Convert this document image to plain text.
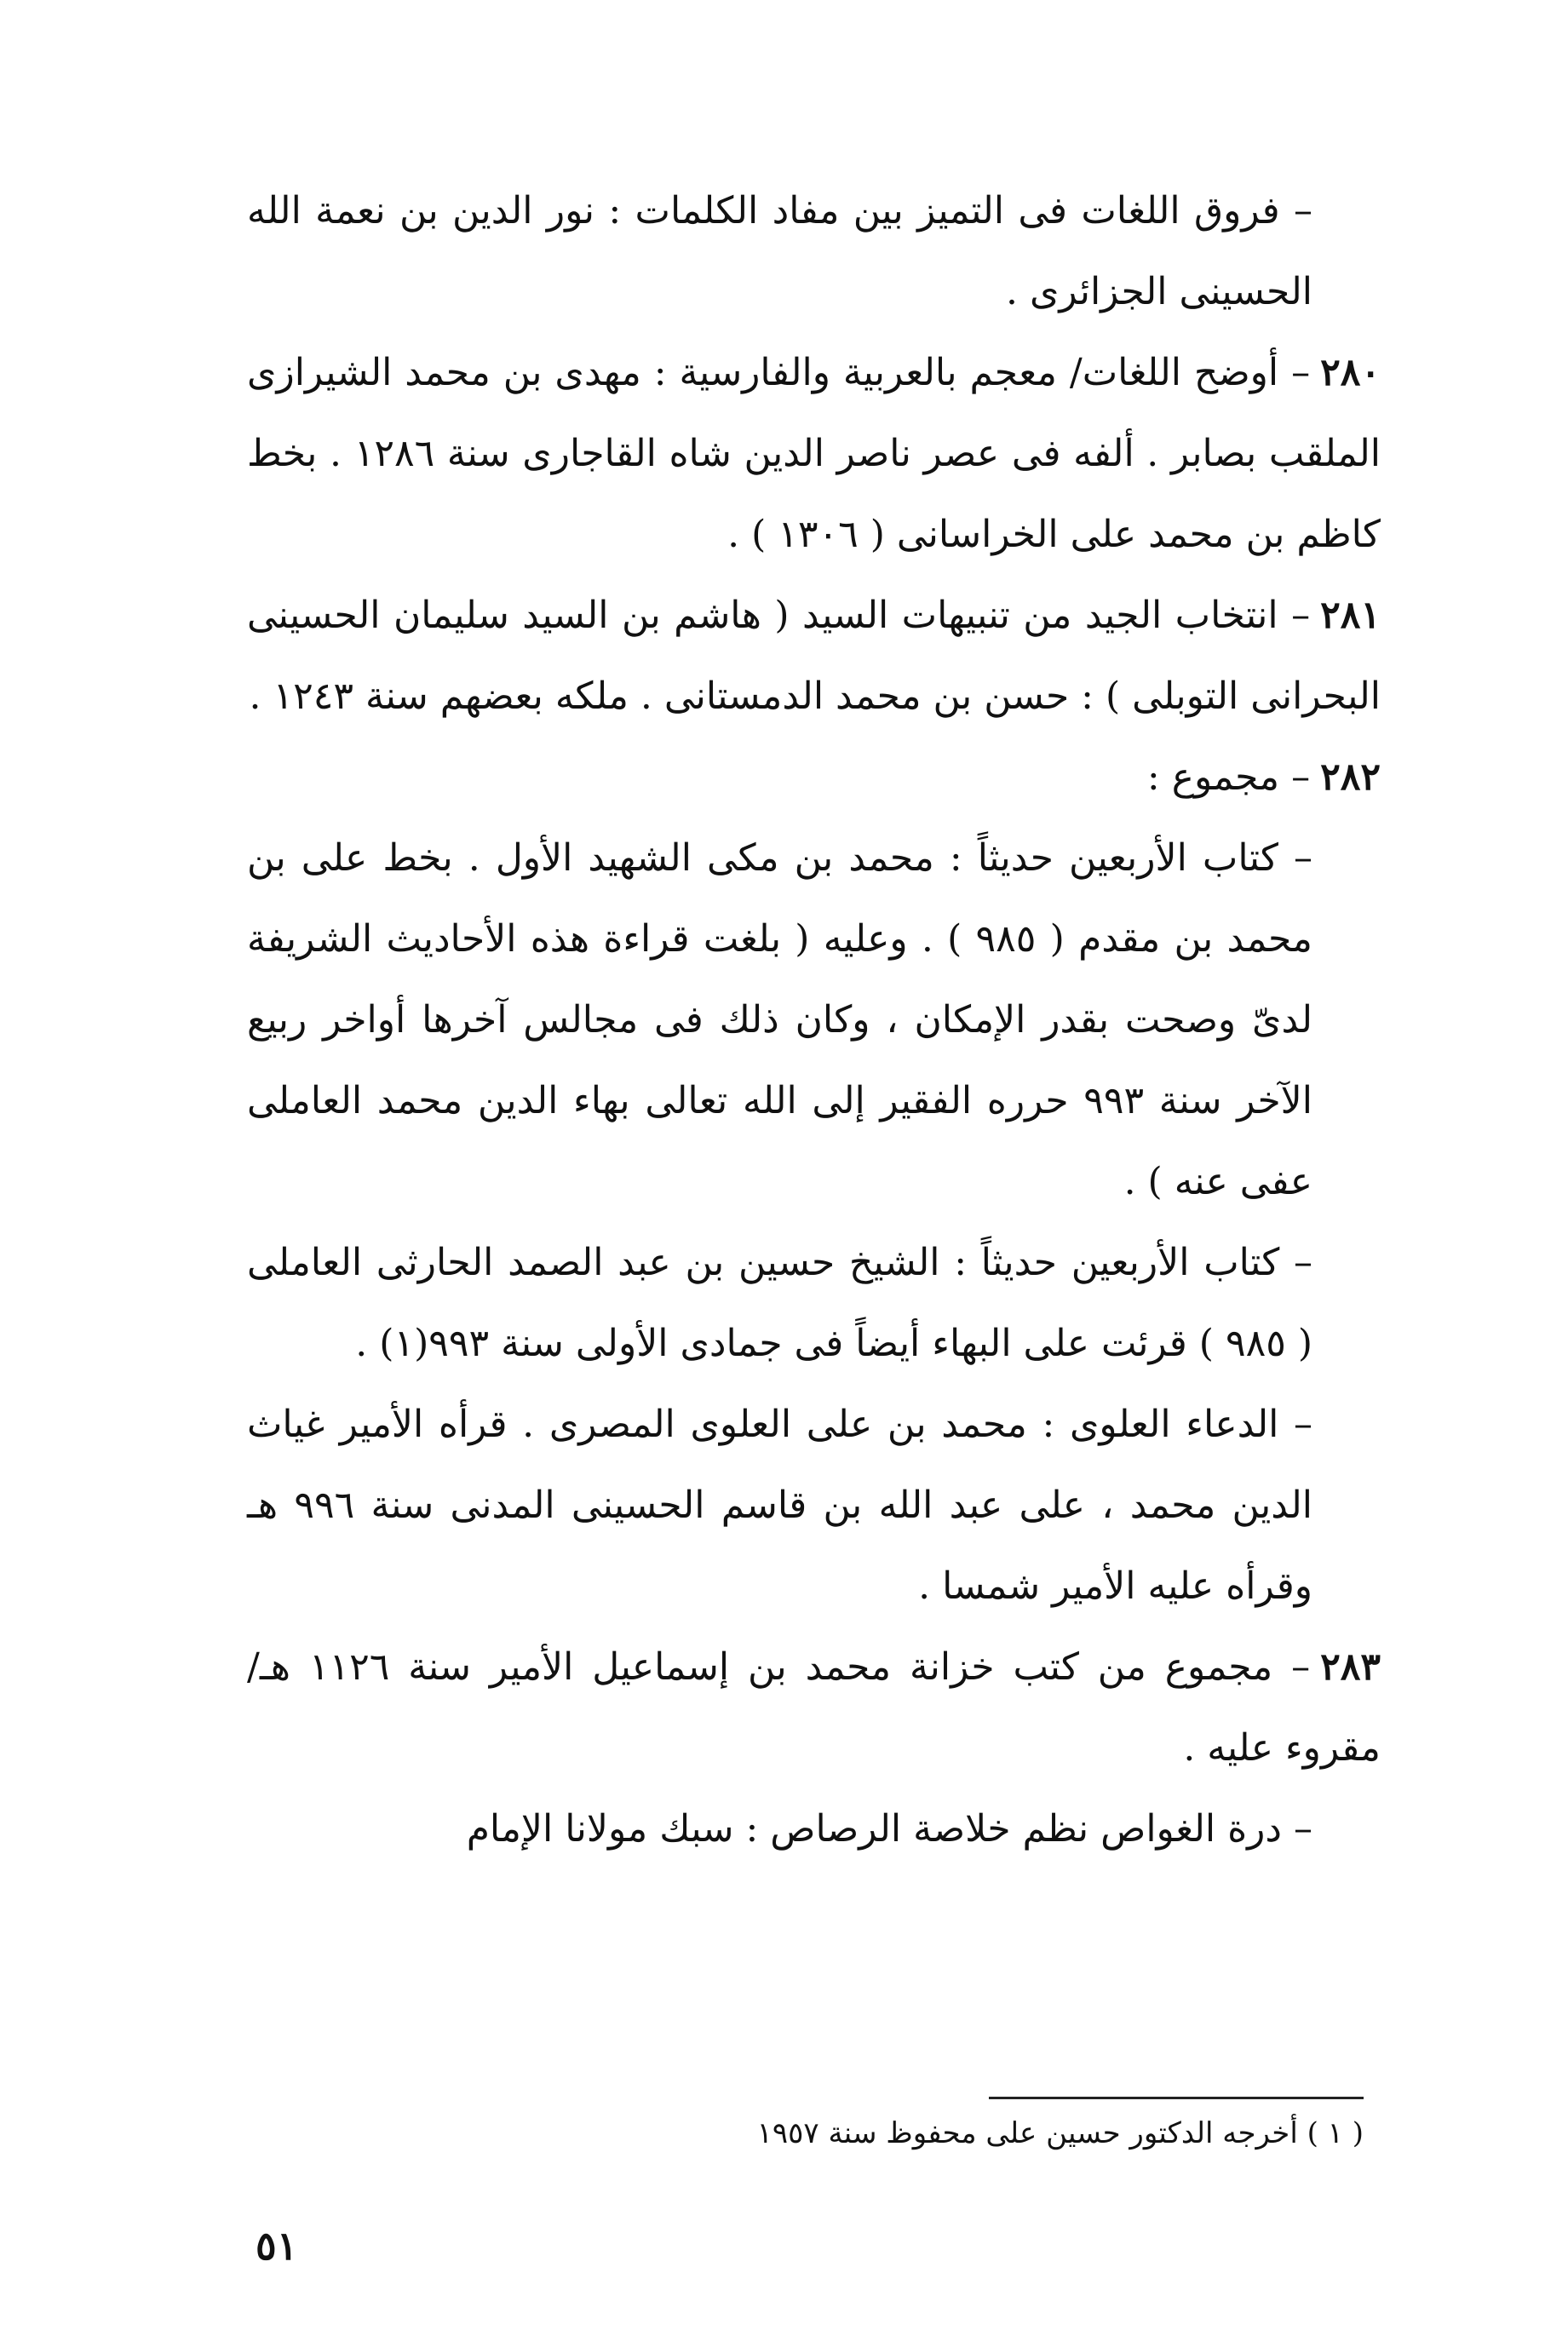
– فروق اللغات فى التميز بين مفاد الكلمات : نور الدين بن نعمة الله الحسينى الجزائرى .

٢٨٠– أوضح اللغات/ معجم بالعربية والفارسية : مهدى بن محمد الشيرازى الملقب بصابر . ألفه فى عصر ناصر الدين شاه القاجارى سنة ١٢٨٦ . بخط كاظم بن محمد على الخراسانى ( ١٣٠٦ ) .

٢٨١– انتخاب الجيد من تنبيهات السيد ( هاشم بن السيد سليمان الحسينى البحرانى التوبلى ) : حسن بن محمد الدمستانى . ملكه بعضهم سنة ١٢٤٣ .

٢٨٢– مجموع :

– كتاب الأربعين حديثاً : محمد بن مكى الشهيد الأول . بخط على بن محمد بن مقدم ( ٩٨٥ ) . وعليه ( بلغت قراءة هذه الأحاديث الشريفة لدىّ وصحت بقدر الإمكان ، وكان ذلك فى مجالس آخرها أواخر ربيع الآخر سنة ٩٩٣ حرره الفقير إلى الله تعالى بهاء الدين محمد العاملى عفى عنه ) .

– كتاب الأربعين حديثاً : الشيخ حسين بن عبد الصمد الحارثى العاملى ( ٩٨٥ ) قرئت على البهاء أيضاً فى جمادى الأولى سنة ٩٩٣(١) .

– الدعاء العلوى : محمد بن على العلوى المصرى . قرأه الأمير غياث الدين محمد ، على عبد الله بن قاسم الحسينى المدنى سنة ٩٩٦ هـ وقرأه عليه الأمير شمسا .

٢٨٣– مجموع من كتب خزانة محمد بن إسماعيل الأمير سنة ١١٢٦ هـ/ مقروء عليه .

– درة الغواص نظم خلاصة الرصاص : سبك مولانا الإمام

( ١ ) أخرجه الدكتور حسين على محفوظ سنة ١٩٥٧
٥١
